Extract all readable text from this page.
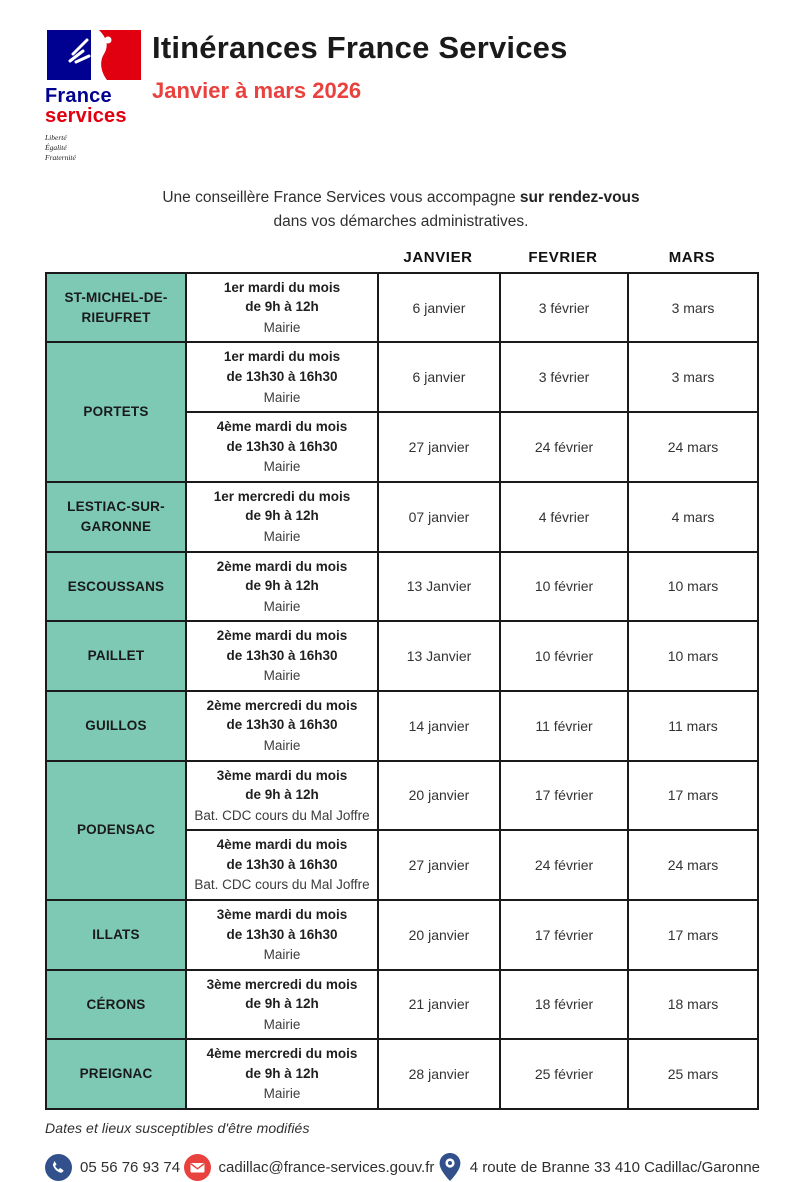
France
services
Liberté
Égalité
Fraternité
Itinérances France Services
Janvier à mars 2026
Une conseillère France Services vous accompagne sur rendez-vous
dans vos démarches administratives.
JANVIER	FEVRIER	MARS
ST-MICHEL-DE-RIEUFRET	1er mardi du mois
de 9h à 12h
Mairie	6 janvier	3 février	3 mars
PORTETS	1er mardi du mois
de 13h30 à 16h30
Mairie	6 janvier	3 février	3 mars

	4ème mardi du mois
de 13h30 à 16h30
Mairie	27 janvier	24 février	24 mars
LESTIAC-SUR-GARONNE	1er mercredi du mois
de 9h à 12h
Mairie	07 janvier	4 février	4 mars
ESCOUSSANS	2ème mardi du mois
de 9h à 12h
Mairie	13 Janvier	10 février	10 mars
PAILLET	2ème mardi du mois
de 13h30 à 16h30
Mairie	13 Janvier	10 février	10 mars
GUILLOS	2ème mercredi du mois
de 13h30 à 16h30
Mairie	14 janvier	11 février	11 mars
PODENSAC	3ème mardi du mois
de 9h à 12h
Bat. CDC cours du Mal Joffre	20 janvier	17 février	17 mars

	4ème mardi du mois
de 13h30 à 16h30
Bat. CDC cours du Mal Joffre	27 janvier	24 février	24 mars
ILLATS	3ème mardi du mois
de 13h30 à 16h30
Mairie	20 janvier	17 février	17 mars
CÉRONS	3ème mercredi du mois
de 9h à 12h
Mairie	21 janvier	18 février	18 mars
PREIGNAC	4ème mercredi du mois
de 9h à 12h
Mairie	28 janvier	25 février	25 mars
Dates et lieux susceptibles d'être modifiés
05 56 76 93 74	cadillac@france-services.gouv.fr 4 route de Branne 33 410 Cadillac/Garonne
